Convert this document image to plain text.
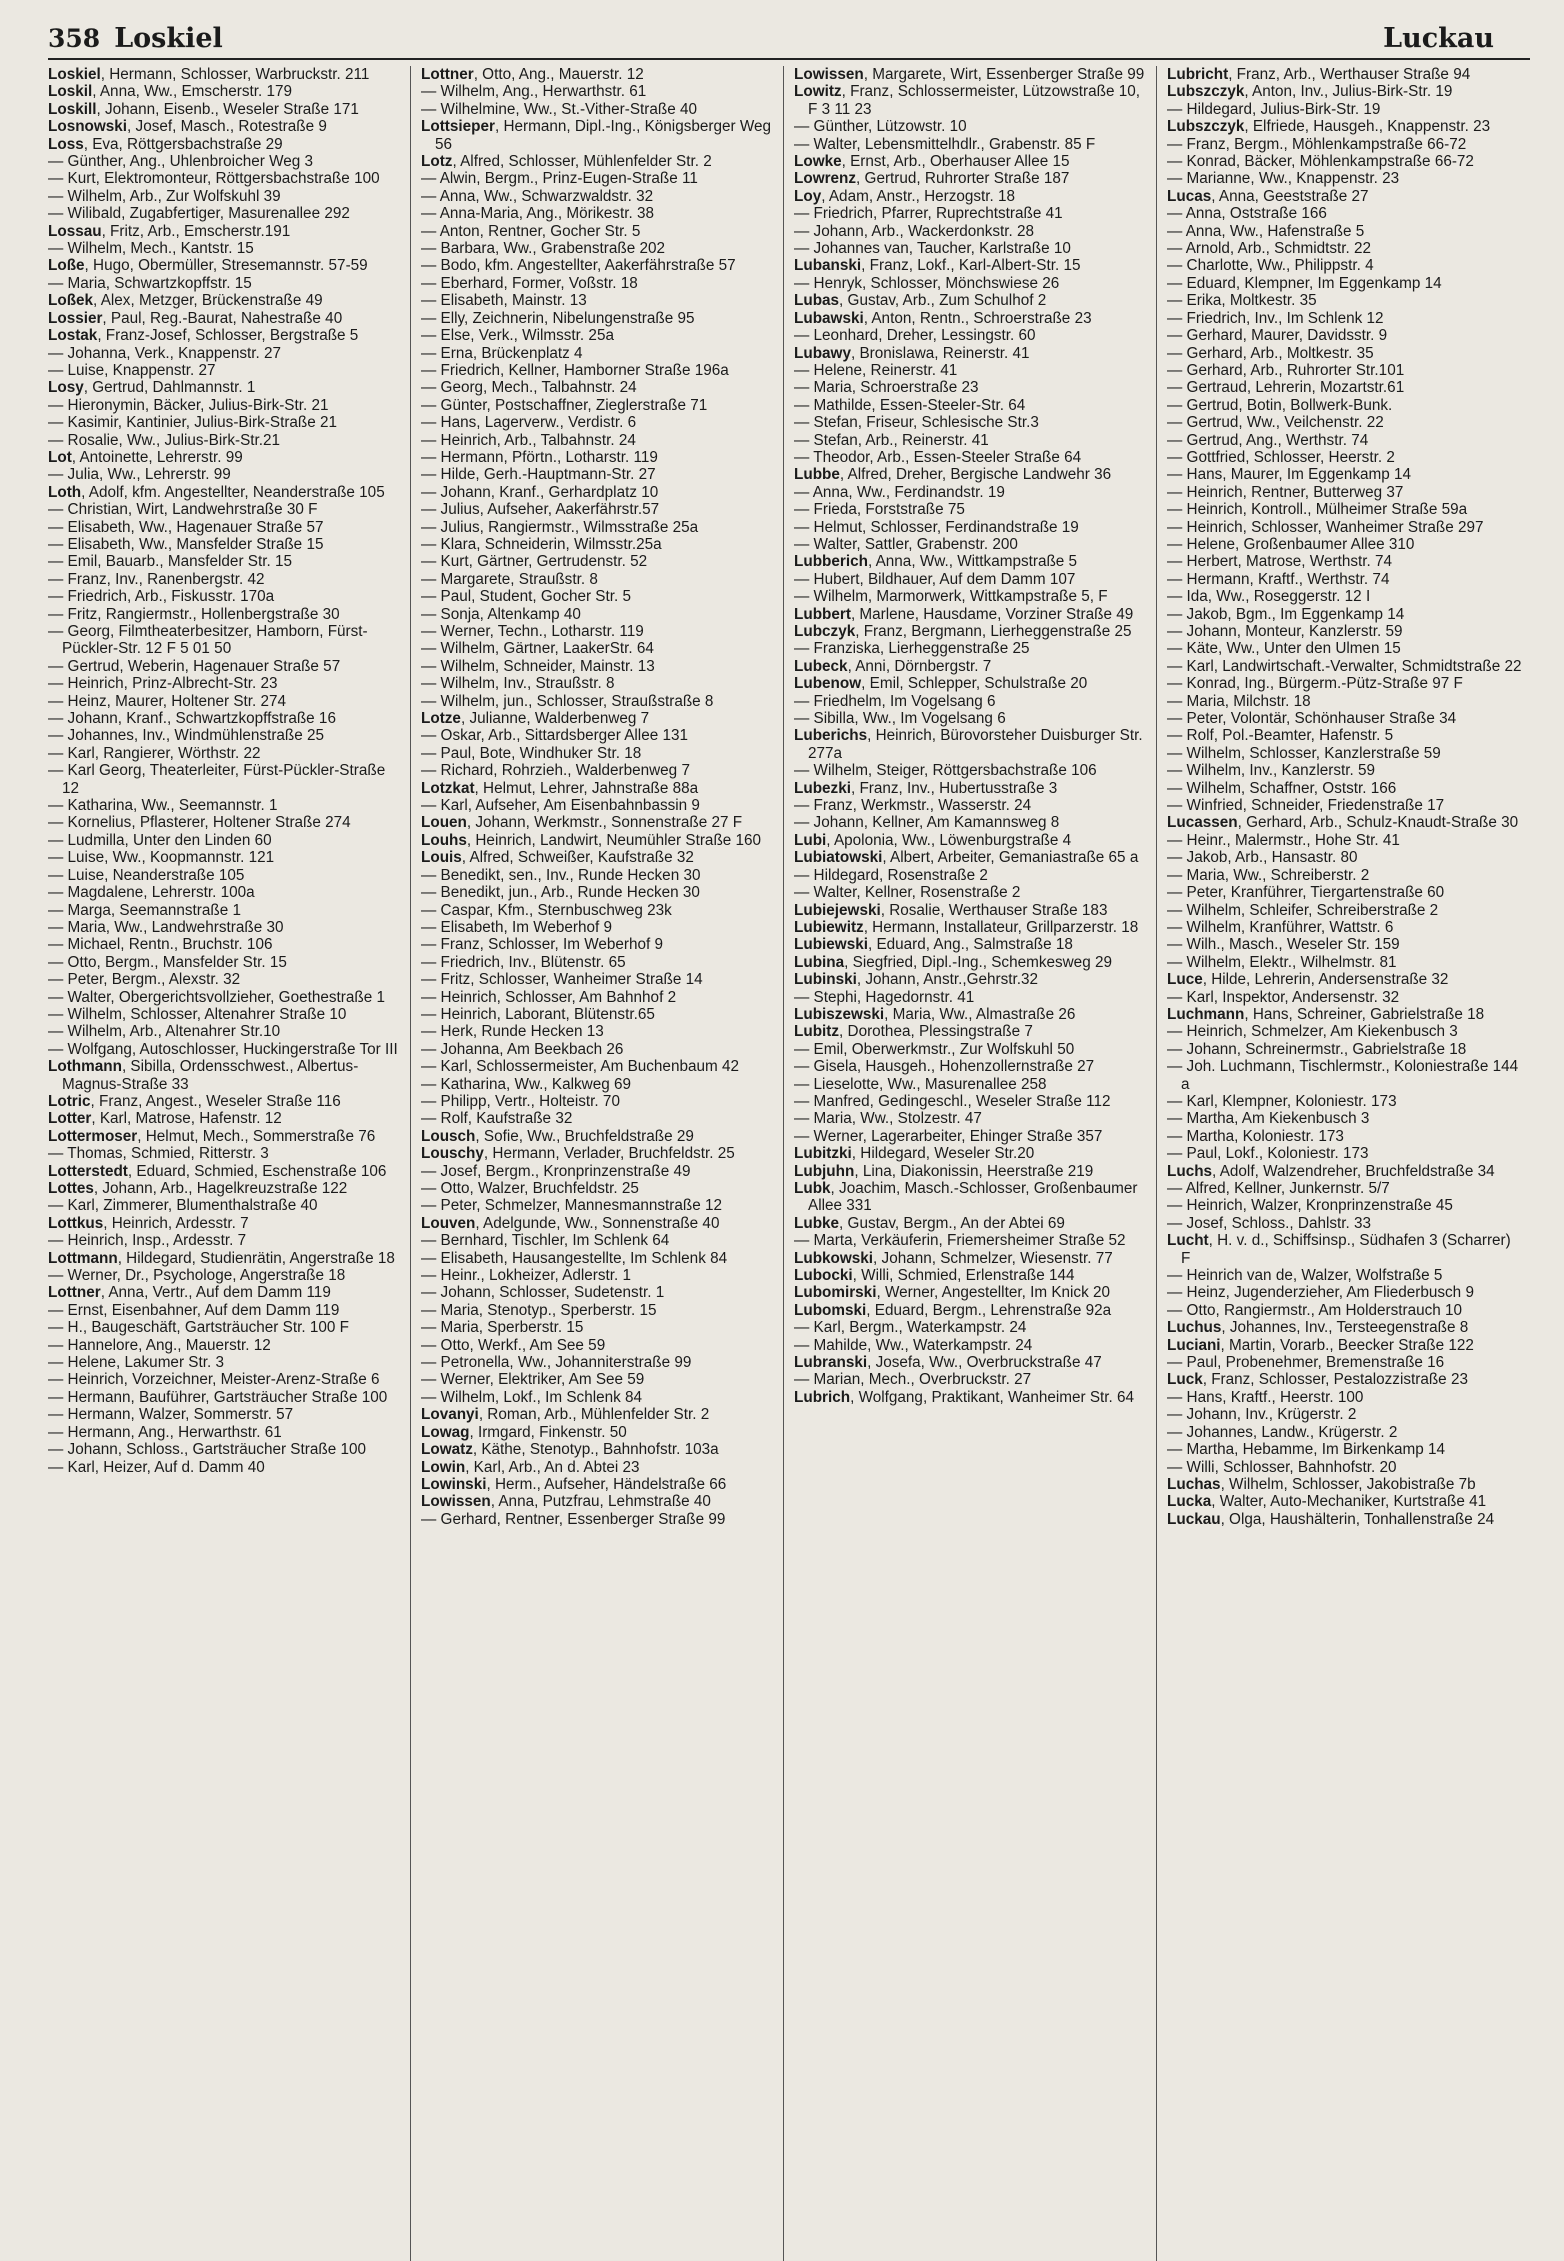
358 Loskiel	Luckau

Loskiel, Hermann, Schlosser, Warbruckstr. 211

Loskil, Anna, Ww., Emscherstr. 179

Loskill, Johann, Eisenb., Weseler Straße 171

Losnowski, Josef, Masch., Rotestraße 9

Loss, Eva, Röttgersbachstraße 29

— Günther, Ang., Uhlenbroicher Weg 3

— Kurt, Elektromonteur, Röttgersbachstraße 100

— Wilhelm, Arb., Zur Wolfskuhl 39

— Wilibald, Zugabfertiger, Masurenallee 292

Lossau, Fritz, Arb., Emscherstr.191

— Wilhelm, Mech., Kantstr. 15

Loße, Hugo, Obermüller, Stresemannstr. 57-59

— Maria, Schwartzkopffstr. 15

Loßek, Alex, Metzger, Brückenstraße 49

Lossier, Paul, Reg.-Baurat, Nahestraße 40

Lostak, Franz-Josef, Schlosser, Bergstraße 5

— Johanna, Verk., Knappenstr. 27

— Luise, Knappenstr. 27

Losy, Gertrud, Dahlmannstr. 1

— Hieronymin, Bäcker, Julius-Birk-Str. 21

— Kasimir, Kantinier, Julius-Birk-Straße 21

— Rosalie, Ww., Julius-Birk-Str.21

Lot, Antoinette, Lehrerstr. 99

— Julia, Ww., Lehrerstr. 99

Loth, Adolf, kfm. Angestellter, Neanderstraße 105

— Christian, Wirt, Landwehrstraße 30 F

— Elisabeth, Ww., Hagenauer Straße 57

— Elisabeth, Ww., Mansfelder Straße 15

— Emil, Bauarb., Mansfelder Str. 15

— Franz, Inv., Ranenbergstr. 42

— Friedrich, Arb., Fiskusstr. 170a

— Fritz, Rangiermstr., Hollenbergstraße 30

— Georg, Filmtheaterbesitzer, Hamborn, Fürst-Pückler-Str. 12 F 5 01 50

— Gertrud, Weberin, Hagenauer Straße 57

— Heinrich, Prinz-Albrecht-Str. 23

— Heinz, Maurer, Holtener Str. 274

— Johann, Kranf., Schwartzkopffstraße 16

— Johannes, Inv., Windmühlenstraße 25

— Karl, Rangierer, Wörthstr. 22

— Karl Georg, Theaterleiter, Fürst-Pückler-Straße 12

— Katharina, Ww., Seemannstr. 1

— Kornelius, Pflasterer, Holtener Straße 274

— Ludmilla, Unter den Linden 60

— Luise, Ww., Koopmannstr. 121

— Luise, Neanderstraße 105

— Magdalene, Lehrerstr. 100a

— Marga, Seemannstraße 1

— Maria, Ww., Landwehrstraße 30

— Michael, Rentn., Bruchstr. 106

— Otto, Bergm., Mansfelder Str. 15

— Peter, Bergm., Alexstr. 32

— Walter, Obergerichtsvollzieher, Goethestraße 1

— Wilhelm, Schlosser, Altenahrer Straße 10

— Wilhelm, Arb., Altenahrer Str.10

— Wolfgang, Autoschlosser, Huckingerstraße Tor III

Lothmann, Sibilla, Ordensschwest., Albertus-Magnus-Straße 33

Lotric, Franz, Angest., Weseler Straße 116

Lotter, Karl, Matrose, Hafenstr. 12

Lottermoser, Helmut, Mech., Sommerstraße 76

— Thomas, Schmied, Ritterstr. 3

Lotterstedt, Eduard, Schmied, Eschenstraße 106

Lottes, Johann, Arb., Hagelkreuzstraße 122

— Karl, Zimmerer, Blumenthalstraße 40

Lottkus, Heinrich, Ardesstr. 7

— Heinrich, Insp., Ardesstr. 7

Lottmann, Hildegard, Studienrätin, Angerstraße 18

— Werner, Dr., Psychologe, Angerstraße 18

Lottner, Anna, Vertr., Auf dem Damm 119

— Ernst, Eisenbahner, Auf dem Damm 119

— H., Baugeschäft, Gartsträucher Str. 100 F

— Hannelore, Ang., Mauerstr. 12

— Helene, Lakumer Str. 3

— Heinrich, Vorzeichner, Meister-Arenz-Straße 6

— Hermann, Bauführer, Gartsträucher Straße 100

— Hermann, Walzer, Sommerstr. 57

— Hermann, Ang., Herwarthstr. 61

— Johann, Schloss., Gartsträucher Straße 100

— Karl, Heizer, Auf d. Damm 40

Lottner, Otto, Ang., Mauerstr. 12

— Wilhelm, Ang., Herwarthstr. 61

— Wilhelmine, Ww., St.-Vither-Straße 40

Lottsieper, Hermann, Dipl.-Ing., Königsberger Weg 56

Lotz, Alfred, Schlosser, Mühlenfelder Str. 2

— Alwin, Bergm., Prinz-Eugen-Straße 11

— Anna, Ww., Schwarzwaldstr. 32

— Anna-Maria, Ang., Mörikestr. 38

— Anton, Rentner, Gocher Str. 5

— Barbara, Ww., Grabenstraße 202

— Bodo, kfm. Angestellter, Aakerfährstraße 57

— Eberhard, Former, Voßstr. 18

— Elisabeth, Mainstr. 13

— Elly, Zeichnerin, Nibelungenstraße 95

— Else, Verk., Wilmsstr. 25a

— Erna, Brückenplatz 4

— Friedrich, Kellner, Hamborner Straße 196a

— Georg, Mech., Talbahnstr. 24

— Günter, Postschaffner, Zieglerstraße 71

— Hans, Lagerverw., Verdistr. 6

— Heinrich, Arb., Talbahnstr. 24

— Hermann, Pförtn., Lotharstr. 119

— Hilde, Gerh.-Hauptmann-Str. 27

— Johann, Kranf., Gerhardplatz 10

— Julius, Aufseher, Aakerfährstr.57

— Julius, Rangiermstr., Wilmsstraße 25a

— Klara, Schneiderin, Wilmsstr.25a

— Kurt, Gärtner, Gertrudenstr. 52

— Margarete, Straußstr. 8

— Paul, Student, Gocher Str. 5

— Sonja, Altenkamp 40

— Werner, Techn., Lotharstr. 119

— Wilhelm, Gärtner, LaakerStr. 64

— Wilhelm, Schneider, Mainstr. 13

— Wilhelm, Inv., Straußstr. 8

— Wilhelm, jun., Schlosser, Straußstraße 8

Lotze, Julianne, Walderbenweg 7

— Oskar, Arb., Sittardsberger Allee 131

— Paul, Bote, Windhuker Str. 18

— Richard, Rohrzieh., Walderbenweg 7

Lotzkat, Helmut, Lehrer, Jahnstraße 88a

— Karl, Aufseher, Am Eisenbahnbassin 9

Louen, Johann, Werkmstr., Sonnenstraße 27 F

Louhs, Heinrich, Landwirt, Neumühler Straße 160

Louis, Alfred, Schweißer, Kaufstraße 32

— Benedikt, sen., Inv., Runde Hecken 30

— Benedikt, jun., Arb., Runde Hecken 30

— Caspar, Kfm., Sternbuschweg 23k

— Elisabeth, Im Weberhof 9

— Franz, Schlosser, Im Weberhof 9

— Friedrich, Inv., Blütenstr. 65

— Fritz, Schlosser, Wanheimer Straße 14

— Heinrich, Schlosser, Am Bahnhof 2

— Heinrich, Laborant, Blütenstr.65

— Herk, Runde Hecken 13

— Johanna, Am Beekbach 26

— Karl, Schlossermeister, Am Buchenbaum 42

— Katharina, Ww., Kalkweg 69

— Philipp, Vertr., Holteistr. 70

— Rolf, Kaufstraße 32

Lousch, Sofie, Ww., Bruchfeldstraße 29

Louschy, Hermann, Verlader, Bruchfeldstr. 25

— Josef, Bergm., Kronprinzenstraße 49

— Otto, Walzer, Bruchfeldstr. 25

— Peter, Schmelzer, Mannesmannstraße 12

Louven, Adelgunde, Ww., Sonnenstraße 40

— Bernhard, Tischler, Im Schlenk 64

— Elisabeth, Hausangestellte, Im Schlenk 84

— Heinr., Lokheizer, Adlerstr. 1

— Johann, Schlosser, Sudetenstr. 1

— Maria, Stenotyp., Sperberstr. 15

— Maria, Sperberstr. 15

— Otto, Werkf., Am See 59

— Petronella, Ww., Johanniterstraße 99

— Werner, Elektriker, Am See 59

— Wilhelm, Lokf., Im Schlenk 84

Lovanyi, Roman, Arb., Mühlenfelder Str. 2

Lowag, Irmgard, Finkenstr. 50

Lowatz, Käthe, Stenotyp., Bahnhofstr. 103a

Lowin, Karl, Arb., An d. Abtei 23

Lowinski, Herm., Aufseher, Händelstraße 66

Lowissen, Anna, Putzfrau, Lehmstraße 40

— Gerhard, Rentner, Essenberger Straße 99

Lowissen, Margarete, Wirt, Essenberger Straße 99

Lowitz, Franz, Schlossermeister, Lützowstraße 10, F 3 11 23

— Günther, Lützowstr. 10

— Walter, Lebensmittelhdlr., Grabenstr. 85 F

Lowke, Ernst, Arb., Oberhauser Allee 15

Lowrenz, Gertrud, Ruhrorter Straße 187

Loy, Adam, Anstr., Herzogstr. 18

— Friedrich, Pfarrer, Ruprechtstraße 41

— Johann, Arb., Wackerdonkstr. 28

— Johannes van, Taucher, Karlstraße 10

Lubanski, Franz, Lokf., Karl-Albert-Str. 15

— Henryk, Schlosser, Mönchswiese 26

Lubas, Gustav, Arb., Zum Schulhof 2

Lubawski, Anton, Rentn., Schroerstraße 23

— Leonhard, Dreher, Lessingstr. 60

Lubawy, Bronislawa, Reinerstr. 41

— Helene, Reinerstr. 41

— Maria, Schroerstraße 23

— Mathilde, Essen-Steeler-Str. 64

— Stefan, Friseur, Schlesische Str.3

— Stefan, Arb., Reinerstr. 41

— Theodor, Arb., Essen-Steeler Straße 64

Lubbe, Alfred, Dreher, Bergische Landwehr 36

— Anna, Ww., Ferdinandstr. 19

— Frieda, Forststraße 75

— Helmut, Schlosser, Ferdinandstraße 19

— Walter, Sattler, Grabenstr. 200

Lubberich, Anna, Ww., Wittkampstraße 5

— Hubert, Bildhauer, Auf dem Damm 107

— Wilhelm, Marmorwerk, Wittkampstraße 5, F

Lubbert, Marlene, Hausdame, Vorziner Straße 49

Lubczyk, Franz, Bergmann, Lierheggenstraße 25

— Franziska, Lierheggenstraße 25

Lubeck, Anni, Dörnbergstr. 7

Lubenow, Emil, Schlepper, Schulstraße 20

— Friedhelm, Im Vogelsang 6

— Sibilla, Ww., Im Vogelsang 6

Luberichs, Heinrich, Bürovorsteher Duisburger Str. 277a

— Wilhelm, Steiger, Röttgersbachstraße 106

Lubezki, Franz, Inv., Hubertusstraße 3

— Franz, Werkmstr., Wasserstr. 24

— Johann, Kellner, Am Kamannsweg 8

Lubi, Apolonia, Ww., Löwenburgstraße 4

Lubiatowski, Albert, Arbeiter, Gemaniastraße 65 a

— Hildegard, Rosenstraße 2

— Walter, Kellner, Rosenstraße 2

Lubiejewski, Rosalie, Werthauser Straße 183

Lubiewitz, Hermann, Installateur, Grillparzerstr. 18

Lubiewski, Eduard, Ang., Salmstraße 18

Lubina, Siegfried, Dipl.-Ing., Schemkesweg 29

Lubinski, Johann, Anstr.,Gehrstr.32

— Stephi, Hagedornstr. 41

Lubiszewski, Maria, Ww., Almastraße 26

Lubitz, Dorothea, Plessingstraße 7

— Emil, Oberwerkmstr., Zur Wolfskuhl 50

— Gisela, Hausgeh., Hohenzollernstraße 27

— Lieselotte, Ww., Masurenallee 258

— Manfred, Gedingeschl., Weseler Straße 112

— Maria, Ww., Stolzestr. 47

— Werner, Lagerarbeiter, Ehinger Straße 357

Lubitzki, Hildegard, Weseler Str.20

Lubjuhn, Lina, Diakonissin, Heerstraße 219

Lubk, Joachim, Masch.-Schlosser, Großenbaumer Allee 331

Lubke, Gustav, Bergm., An der Abtei 69

— Marta, Verkäuferin, Friemersheimer Straße 52

Lubkowski, Johann, Schmelzer, Wiesenstr. 77

Lubocki, Willi, Schmied, Erlenstraße 144

Lubomirski, Werner, Angestellter, Im Knick 20

Lubomski, Eduard, Bergm., Lehrenstraße 92a

— Karl, Bergm., Waterkampstr. 24

— Mahilde, Ww., Waterkampstr. 24

Lubranski, Josefa, Ww., Overbruckstraße 47

— Marian, Mech., Overbruckstr. 27

Lubrich, Wolfgang, Praktikant, Wanheimer Str. 64

Lubricht, Franz, Arb., Werthauser Straße 94

Lubszczyk, Anton, Inv., Julius-Birk-Str. 19

— Hildegard, Julius-Birk-Str. 19

Lubszczyk, Elfriede, Hausgeh., Knappenstr. 23

— Franz, Bergm., Möhlenkampstraße 66-72

— Konrad, Bäcker, Möhlenkampstraße 66-72

— Marianne, Ww., Knappenstr. 23

Lucas, Anna, Geeststraße 27

— Anna, Oststraße 166

— Anna, Ww., Hafenstraße 5

— Arnold, Arb., Schmidtstr. 22

— Charlotte, Ww., Philippstr. 4

— Eduard, Klempner, Im Eggenkamp 14

— Erika, Moltkestr. 35

— Friedrich, Inv., Im Schlenk 12

— Gerhard, Maurer, Davidsstr. 9

— Gerhard, Arb., Moltkestr. 35

— Gerhard, Arb., Ruhrorter Str.101

— Gertraud, Lehrerin, Mozartstr.61

— Gertrud, Botin, Bollwerk-Bunk.

— Gertrud, Ww., Veilchenstr. 22

— Gertrud, Ang., Werthstr. 74

— Gottfried, Schlosser, Heerstr. 2

— Hans, Maurer, Im Eggenkamp 14

— Heinrich, Rentner, Butterweg 37

— Heinrich, Kontroll., Mülheimer Straße 59a

— Heinrich, Schlosser, Wanheimer Straße 297

— Helene, Großenbaumer Allee 310

— Herbert, Matrose, Werthstr. 74

— Hermann, Kraftf., Werthstr. 74

— Ida, Ww., Roseggerstr. 12 I

— Jakob, Bgm., Im Eggenkamp 14

— Johann, Monteur, Kanzlerstr. 59

— Käte, Ww., Unter den Ulmen 15

— Karl, Landwirtschaft.-Verwalter, Schmidtstraße 22

— Konrad, Ing., Bürgerm.-Pütz-Straße 97 F

— Maria, Milchstr. 18

— Peter, Volontär, Schönhauser Straße 34

— Rolf, Pol.-Beamter, Hafenstr. 5

— Wilhelm, Schlosser, Kanzlerstraße 59

— Wilhelm, Inv., Kanzlerstr. 59

— Wilhelm, Schaffner, Oststr. 166

— Winfried, Schneider, Friedenstraße 17

Lucassen, Gerhard, Arb., Schulz-Knaudt-Straße 30

— Heinr., Malermstr., Hohe Str. 41

— Jakob, Arb., Hansastr. 80

— Maria, Ww., Schreiberstr. 2

— Peter, Kranführer, Tiergartenstraße 60

— Wilhelm, Schleifer, Schreiberstraße 2

— Wilhelm, Kranführer, Wattstr. 6

— Wilh., Masch., Weseler Str. 159

— Wilhelm, Elektr., Wilhelmstr. 81

Luce, Hilde, Lehrerin, Andersenstraße 32

— Karl, Inspektor, Andersenstr. 32

Luchmann, Hans, Schreiner, Gabrielstraße 18

— Heinrich, Schmelzer, Am Kiekenbusch 3

— Johann, Schreinermstr., Gabrielstraße 18

— Joh. Luchmann, Tischlermstr., Koloniestraße 144 a

— Karl, Klempner, Koloniestr. 173

— Martha, Am Kiekenbusch 3

— Martha, Koloniestr. 173

— Paul, Lokf., Koloniestr. 173

Luchs, Adolf, Walzendreher, Bruchfeldstraße 34

— Alfred, Kellner, Junkernstr. 5/7

— Heinrich, Walzer, Kronprinzenstraße 45

— Josef, Schloss., Dahlstr. 33

Lucht, H. v. d., Schiffsinsp., Südhafen 3 (Scharrer) F

— Heinrich van de, Walzer, Wolfstraße 5

— Heinz, Jugenderzieher, Am Fliederbusch 9

— Otto, Rangiermstr., Am Holderstrauch 10

Luchus, Johannes, Inv., Tersteegenstraße 8

Luciani, Martin, Vorarb., Beecker Straße 122

— Paul, Probenehmer, Bremenstraße 16

Luck, Franz, Schlosser, Pestalozzistraße 23

— Hans, Kraftf., Heerstr. 100

— Johann, Inv., Krügerstr. 2

— Johannes, Landw., Krügerstr. 2

— Martha, Hebamme, Im Birkenkamp 14

— Willi, Schlosser, Bahnhofstr. 20

Luchas, Wilhelm, Schlosser, Jakobistraße 7b

Lucka, Walter, Auto-Mechaniker, Kurtstraße 41

Luckau, Olga, Haushälterin, Tonhallenstraße 24
